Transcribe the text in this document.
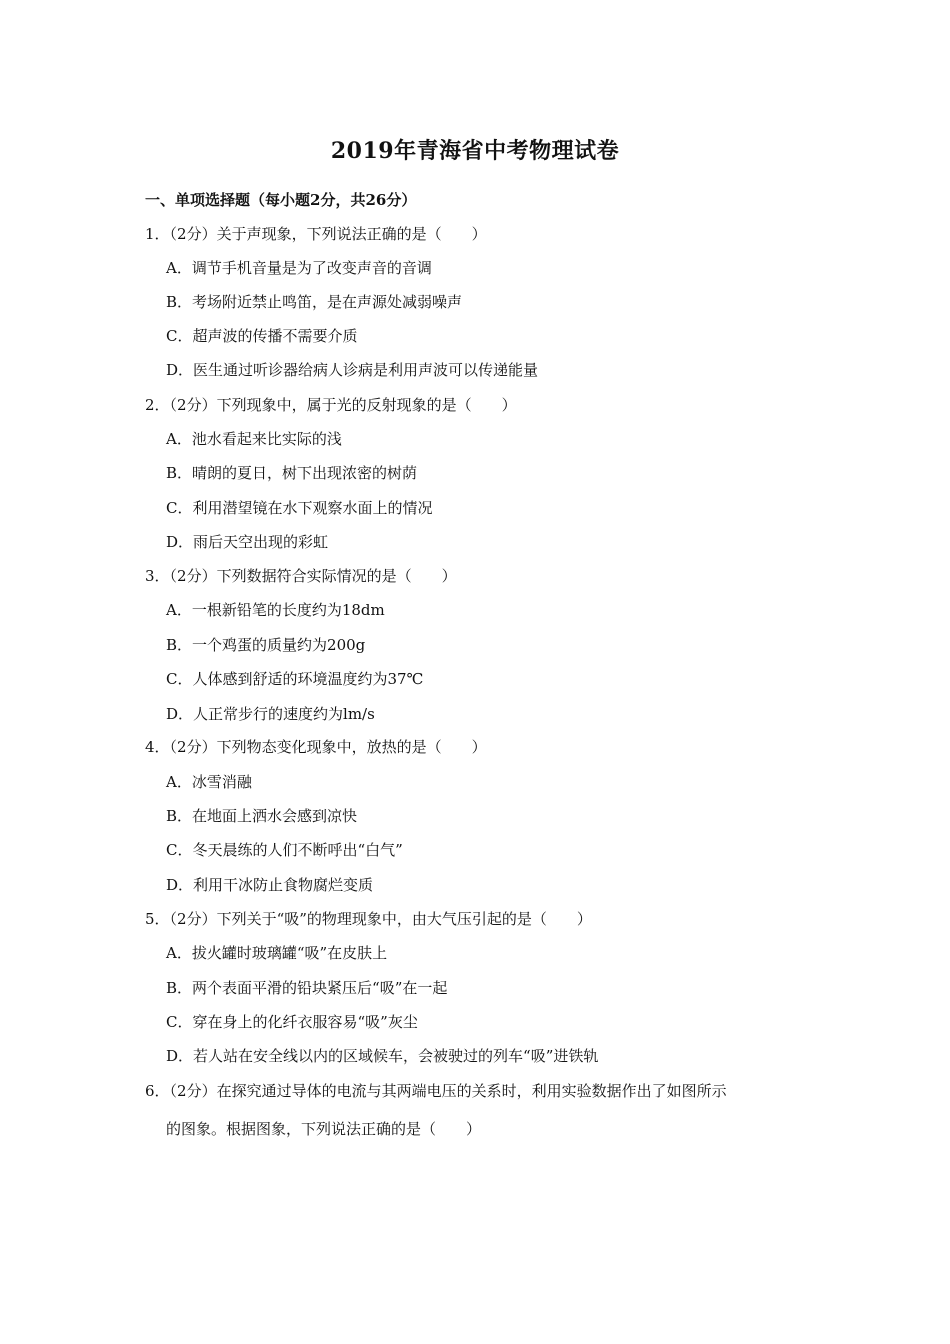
2019年青海省中考物理试卷
一、单项选择题（每小题2分，共26分）
1．（2分）关于声现象，下列说法正确的是（　　）
A．调节手机音量是为了改变声音的音调
B．考场附近禁止鸣笛，是在声源处减弱噪声
C．超声波的传播不需要介质
D．医生通过听诊器给病人诊病是利用声波可以传递能量
2．（2分）下列现象中，属于光的反射现象的是（　　）
A．池水看起来比实际的浅
B．晴朗的夏日，树下出现浓密的树荫
C．利用潜望镜在水下观察水面上的情况
D．雨后天空出现的彩虹
3．（2分）下列数据符合实际情况的是（　　）
A．一根新铅笔的长度约为18dm
B．一个鸡蛋的质量约为200g
C．人体感到舒适的环境温度约为37℃
D．人正常步行的速度约为lm/s
4．（2分）下列物态变化现象中，放热的是（　　）
A．冰雪消融
B．在地面上洒水会感到凉快
C．冬天晨练的人们不断呼出“白气”
D．利用干冰防止食物腐烂变质
5．（2分）下列关于“吸”的物理现象中，由大气压引起的是（　　）
A．拔火罐时玻璃罐“吸”在皮肤上
B．两个表面平滑的铅块紧压后“吸”在一起
C．穿在身上的化纤衣服容易“吸”灰尘
D．若人站在安全线以内的区域候车，会被驶过的列车“吸”进铁轨
6．（2分）在探究通过导体的电流与其两端电压的关系时，利用实验数据作出了如图所示
的图象。根据图象，下列说法正确的是（　　）
